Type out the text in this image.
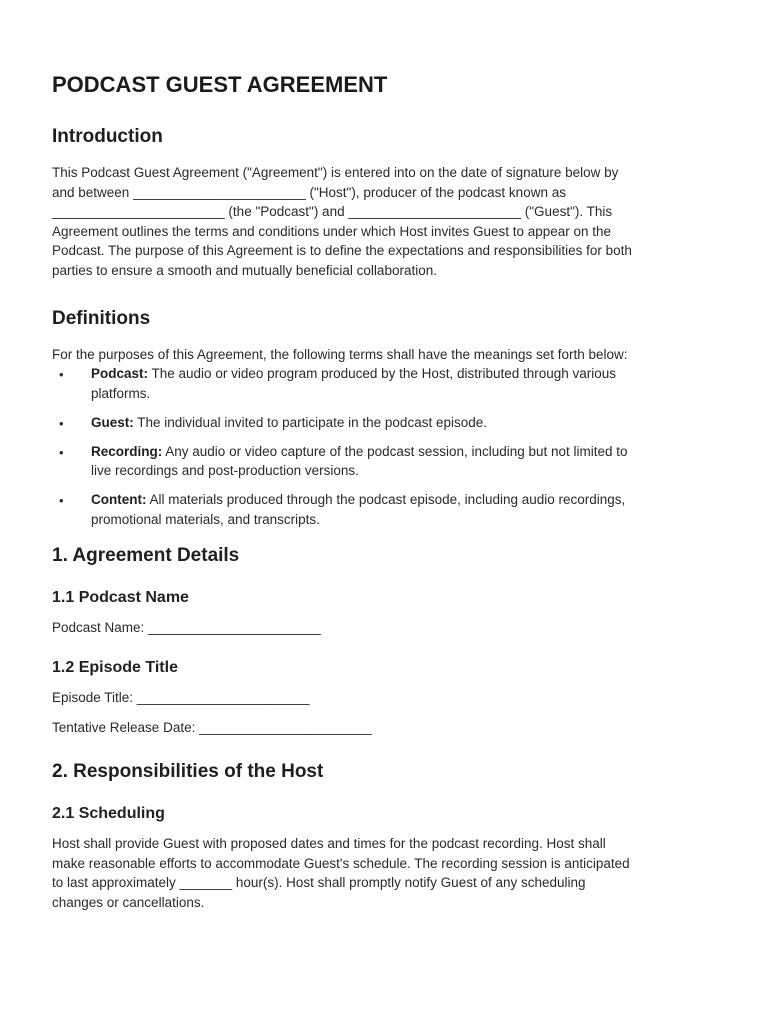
PODCAST GUEST AGREEMENT
Introduction

This Podcast Guest Agreement ("Agreement") is entered into on the date of signature below by
and between _______________________ ("Host"), producer of the podcast known as
_______________________ (the "Podcast") and _______________________ ("Guest"). This
Agreement outlines the terms and conditions under which Host invites Guest to appear on the
Podcast. The purpose of this Agreement is to define the expectations and responsibilities for both
parties to ensure a smooth and mutually beneficial collaboration.

Definitions

For the purposes of this Agreement, the following terms shall have the meanings set forth below:

• Podcast: The audio or video program produced by the Host, distributed through various
platforms.
• Guest: The individual invited to participate in the podcast episode.
• Recording: Any audio or video capture of the podcast session, including but not limited to
live recordings and post-production versions.
• Content: All materials produced through the podcast episode, including audio recordings,
promotional materials, and transcripts.
1. Agreement Details
1.1 Podcast Name

Podcast Name: _______________________

1.2 Episode Title

Episode Title: _______________________

Tentative Release Date: _______________________

2. Responsibilities of the Host
2.1 Scheduling

Host shall provide Guest with proposed dates and times for the podcast recording. Host shall
make reasonable efforts to accommodate Guest's schedule. The recording session is anticipated
to last approximately _______ hour(s). Host shall promptly notify Guest of any scheduling
changes or cancellations.
